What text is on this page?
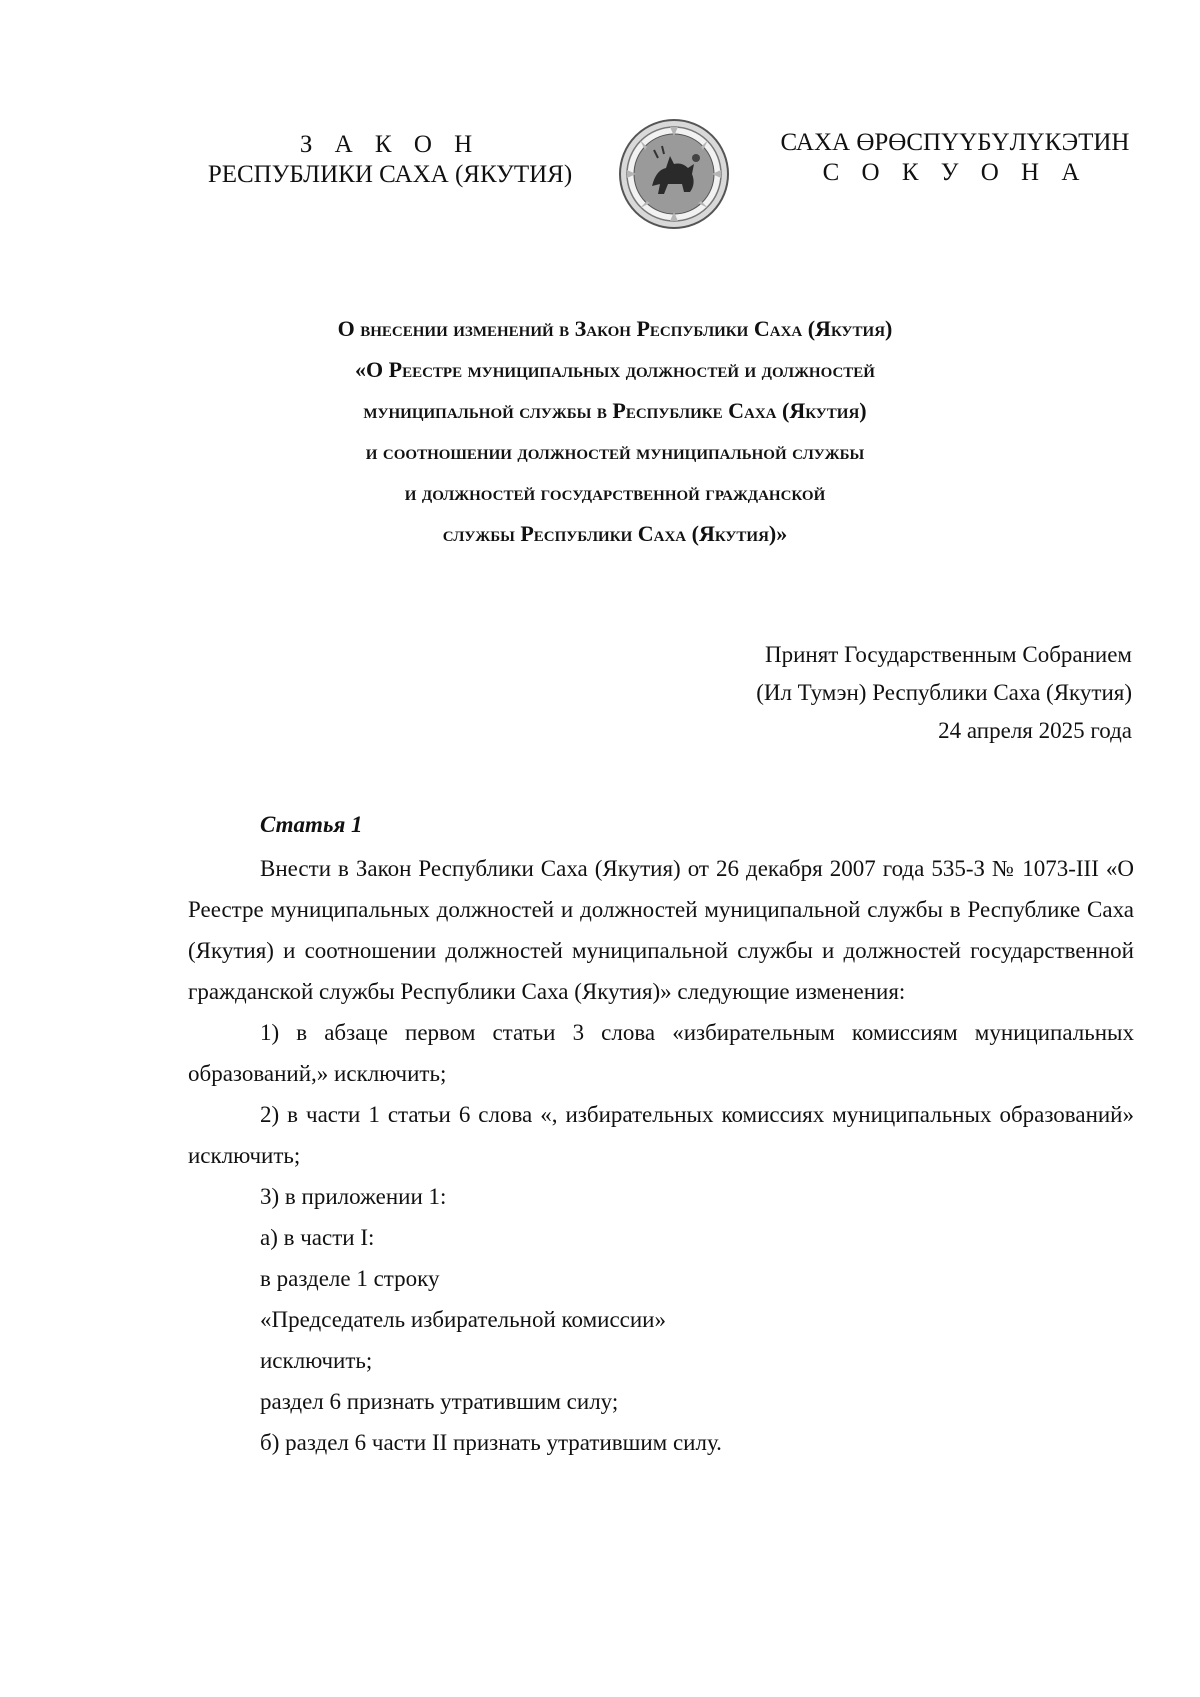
З А К О Н
РЕСПУБЛИКИ САХА (ЯКУТИЯ)
САХА ӨРӨСПҮҮБҮЛҮКЭТИН
С О К У О Н А
О внесении изменений в Закон Республики Саха (Якутия)
«О Реестре муниципальных должностей и должностей
муниципальной службы в Республике Саха (Якутия)
и соотношении должностей муниципальной службы
и должностей государственной гражданской
службы Республики Саха (Якутия)»
Принят Государственным Собранием
(Ил Тумэн) Республики Саха (Якутия)
24 апреля 2025 года
Статья 1

Внести в Закон Республики Саха (Якутия) от 26 декабря 2007 года 535-З № 1073-III «О Реестре муниципальных должностей и должностей муниципальной службы в Республике Саха (Якутия) и соотношении должностей муниципальной службы и должностей государственной гражданской службы Республики Саха (Якутия)» следующие изменения:

1) в абзаце первом статьи 3 слова «избирательным комиссиям муниципальных образований,» исключить;

2) в части 1 статьи 6 слова «, избирательных комиссиях муниципальных образований» исключить;

3) в приложении 1:

а) в части I:

в разделе 1 строку

«Председатель избирательной комиссии»

исключить;

раздел 6 признать утратившим силу;

б) раздел 6 части II признать утратившим силу.
